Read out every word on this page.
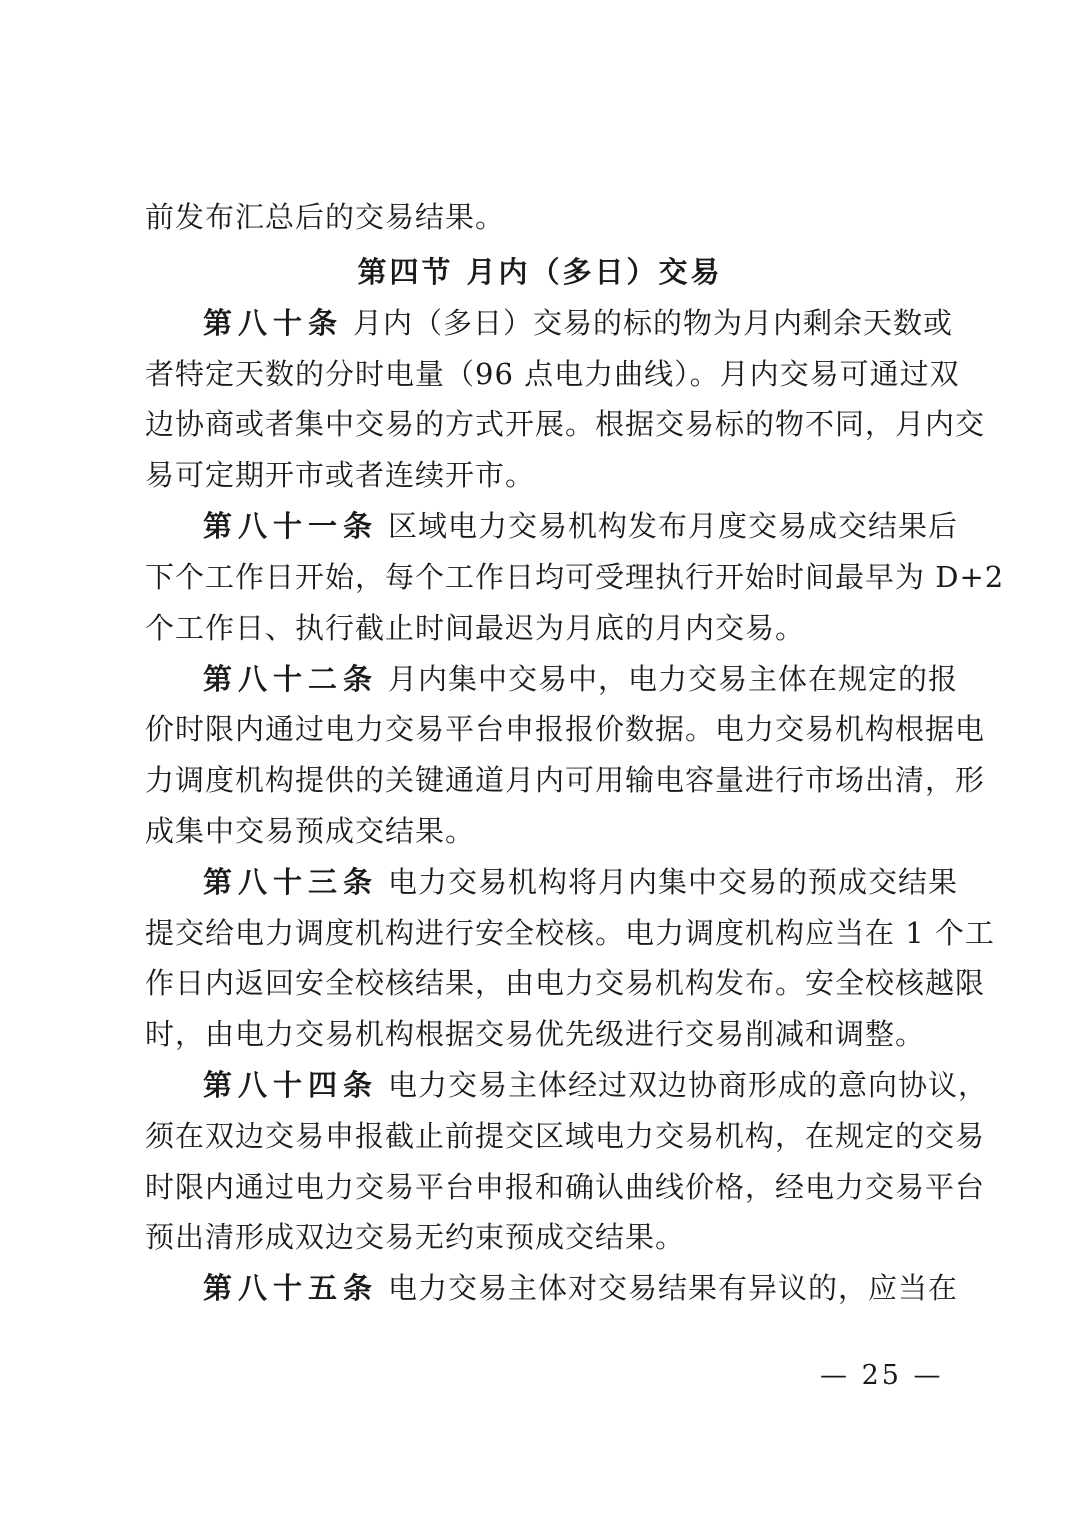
前发布汇总后的交易结果。
第四节 月内（多日）交易
第八十条 月内（多日）交易的标的物为月内剩余天数或
者特定天数的分时电量（96 点电力曲线）。月内交易可通过双
边协商或者集中交易的方式开展。根据交易标的物不同，月内交
易可定期开市或者连续开市。
第八十一条 区域电力交易机构发布月度交易成交结果后
下个工作日开始，每个工作日均可受理执行开始时间最早为 D+2
个工作日、执行截止时间最迟为月底的月内交易。
第八十二条 月内集中交易中，电力交易主体在规定的报
价时限内通过电力交易平台申报报价数据。电力交易机构根据电
力调度机构提供的关键通道月内可用输电容量进行市场出清，形
成集中交易预成交结果。
第八十三条 电力交易机构将月内集中交易的预成交结果
提交给电力调度机构进行安全校核。电力调度机构应当在 1 个工
作日内返回安全校核结果，由电力交易机构发布。安全校核越限
时，由电力交易机构根据交易优先级进行交易削减和调整。
第八十四条 电力交易主体经过双边协商形成的意向协议，
须在双边交易申报截止前提交区域电力交易机构，在规定的交易
时限内通过电力交易平台申报和确认曲线价格，经电力交易平台
预出清形成双边交易无约束预成交结果。
第八十五条 电力交易主体对交易结果有异议的，应当在
— 25 —
